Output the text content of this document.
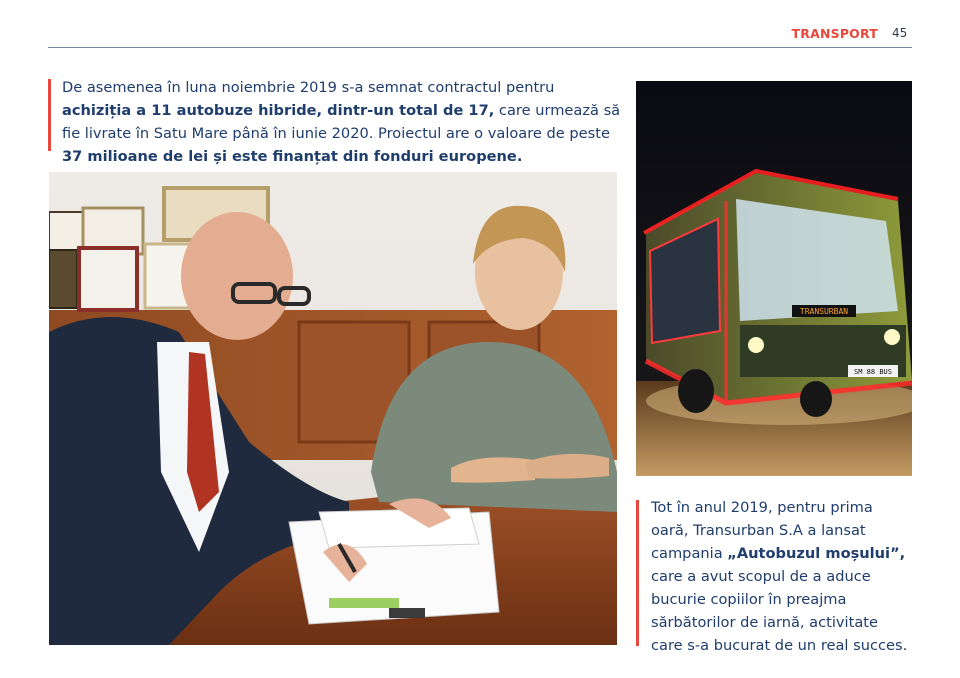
TRANSPORT 45
De asemenea în luna noiembrie 2019 s-a semnat contractul pentru achiziția a 11 autobuze hibride, dintr-un total de 17, care urmează să fie livrate în Satu Mare până în iunie 2020. Proiectul are o valoare de peste 37 milioane de lei și este finanțat din fonduri europene.
TRANSURBAN
SM 88 BUS
Tot în anul 2019, pentru prima oară, Transurban S.A a lansat campania „Autobuzul moșului”, care a avut scopul de a aduce bucurie copiilor în preajma sărbătorilor de iarnă, activitate care s-a bucurat de un real succes.
